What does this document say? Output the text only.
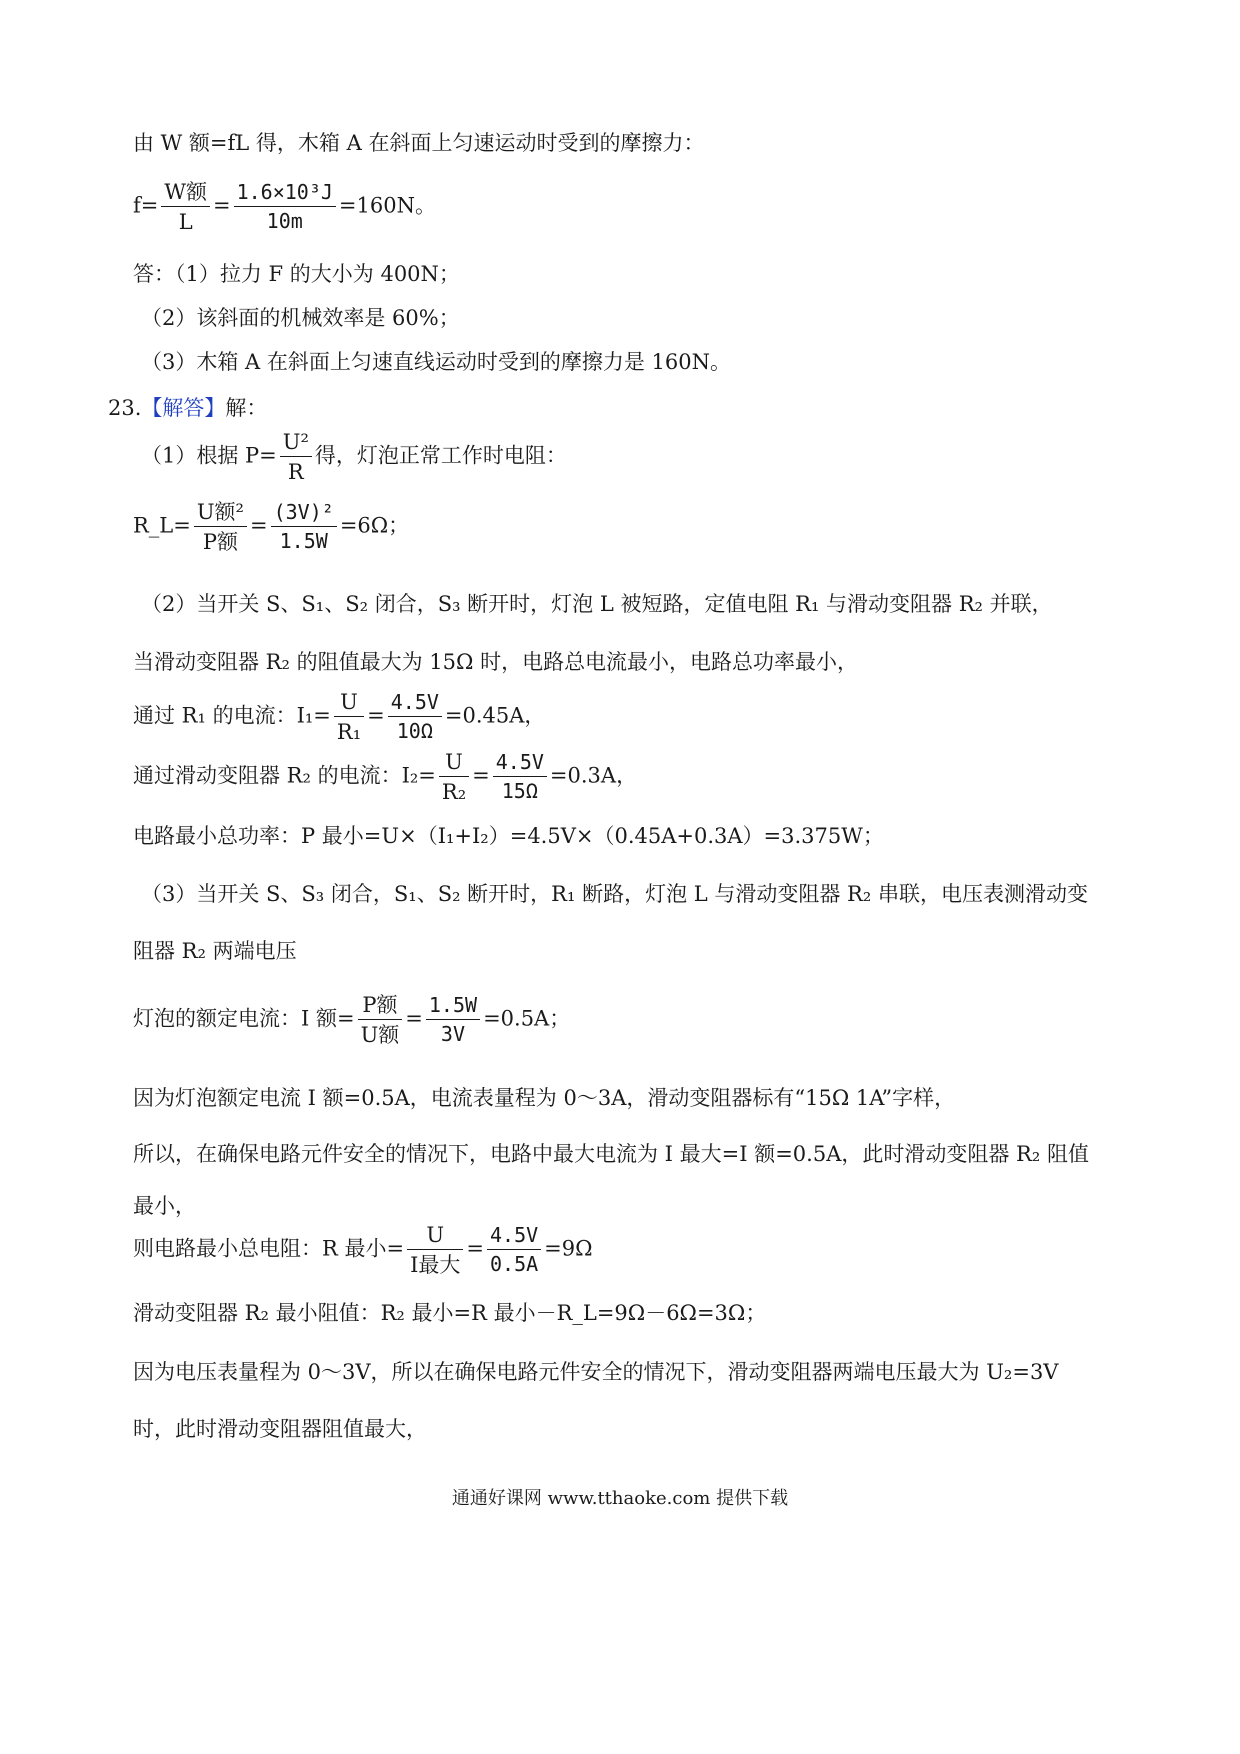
由 W 额=fL 得，木箱 A 在斜面上匀速运动时受到的摩擦力：
$f= \frac{\text{W额}}{L} = \frac{\text{1.6×10³J}}{10m} =160N$。
答：（1）拉力 F 的大小为 400N；
（2）该斜面的机械效率是 60%；
（3）木箱 A 在斜面上匀速直线运动时受到的摩擦力是 160N。
23.【解答】解：
（1）根据 $P= \frac{\text{U²}}{R}$ 得，灯泡正常工作时电阻：
R_L= $\frac{\text{U额²}}{\text{P额}} = \frac{\text{(3V)²}}{1.5W} =6\Omega$；
（2）当开关 S、S₁、S₂ 闭合，S₃ 断开时，灯泡 L 被短路，定值电阻 R₁ 与滑动变阻器 R₂ 并联，
当滑动变阻器 R₂ 的阻值最大为 15Ω 时，电路总电流最小，电路总功率最小，
通过 R₁ 的电流：$I_1= \frac{U}{\text{R₁}} = \frac{4.5V}{10\Omega} =0.45A$，
通过滑动变阻器 R₂ 的电流：$I_2= \frac{U}{\text{R₂}} = \frac{4.5V}{15\Omega} =0.3A$，
电路最小总功率：P 最小=U×（I₁+I₂）=4.5V×（0.45A+0.3A）=3.375W；
（3）当开关 S、S₃ 闭合，S₁、S₂ 断开时，R₁ 断路，灯泡 L 与滑动变阻器 R₂ 串联，电压表测滑动变
阻器 R₂ 两端电压
灯泡的额定电流：I 额= $\frac{\text{P额}}{\text{U额}} = \frac{1.5W}{3V} =0.5A$；
因为灯泡额定电流 I 额=0.5A，电流表量程为 0～3A，滑动变阻器标有“15Ω 1A”字样，
所以，在确保电路元件安全的情况下，电路中最大电流为 I 最大=I 额=0.5A，此时滑动变阻器 R₂ 阻值
最小，
则电路最小总电阻：R 最小= $\frac{U}{\text{I最大}} = \frac{4.5V}{0.5A} =9\Omega$
滑动变阻器 R₂ 最小阻值：R₂ 最小=R 最小－R_L=9Ω－6Ω=3Ω；
因为电压表量程为 0～3V，所以在确保电路元件安全的情况下，滑动变阻器两端电压最大为 U₂=3V
时，此时滑动变阻器阻值最大，
通通好课网 www.tthaoke.com 提供下载
